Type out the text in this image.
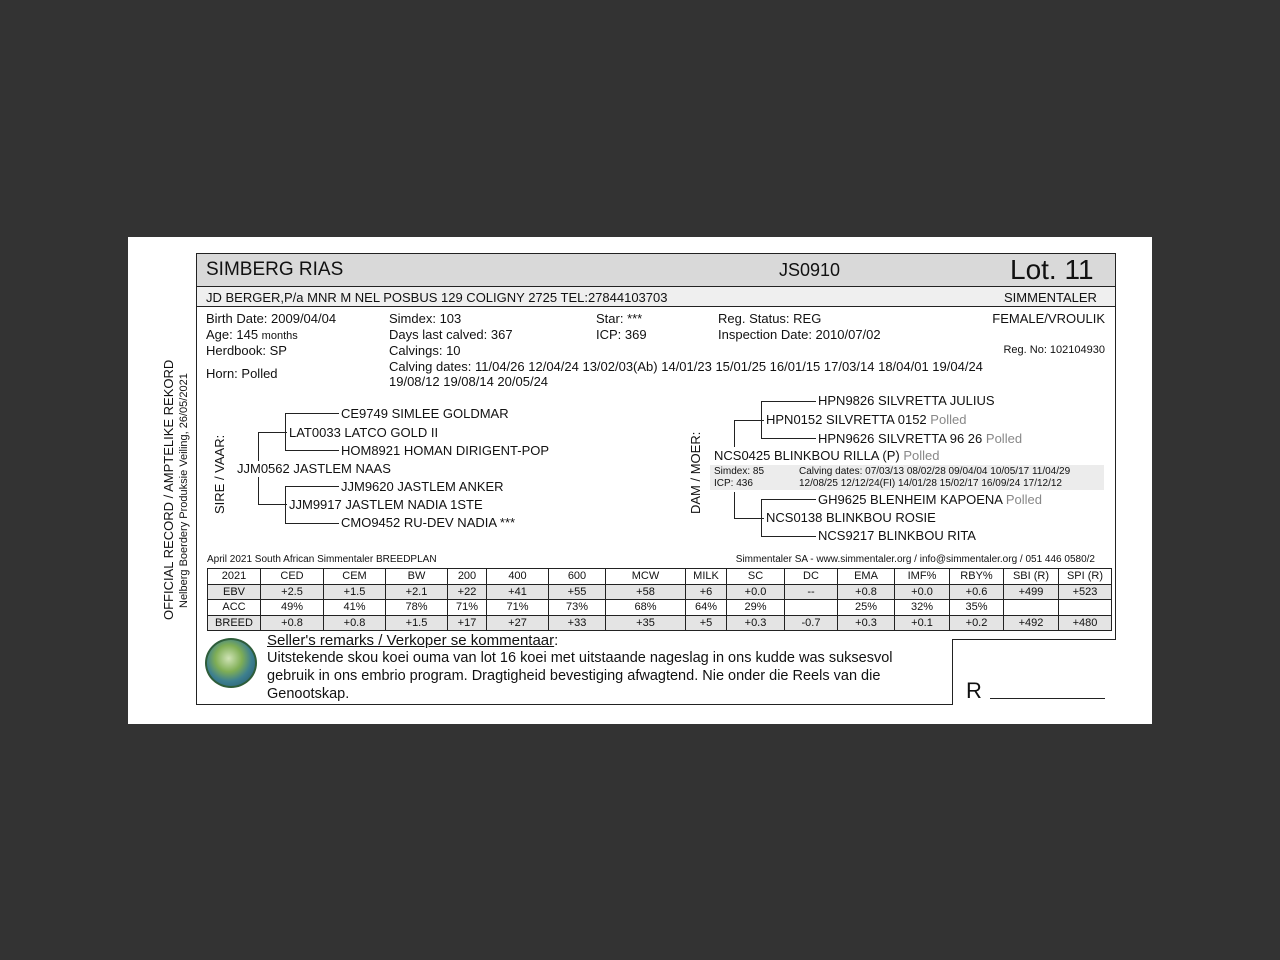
OFFICIAL RECORD / AMPTELIKE REKORD Nelberg Boerdery Produksie Veiling, 26/05/2021
SIMBERG RIAS	JS0910	Lot. 11
JD BERGER,P/a MNR M NEL POSBUS 129 COLIGNY 2725 TEL:27844103703	SIMMENTALER
Birth Date: 2009/04/04
Age: 145 months
Herdbook: SP
Horn: Polled
Simdex: 103
Days last calved: 367
Calvings: 10
Calving dates: 11/04/26 12/04/24 13/02/03(Ab) 14/01/23 15/01/25 16/01/15 17/03/14 18/04/01 19/04/24
19/08/12 19/08/14 20/05/24
Star: ***
ICP: 369
Reg. Status: REG
Inspection Date: 2010/07/02
FEMALE/VROULIK
Reg. No: 102104930
SIRE / VAAR: JJM0562 JASTLEM NAAS
LAT0033 LATCO GOLD II
CE9749 SIMLEE GOLDMAR
HOM8921 HOMAN DIRIGENT-POP
JJM9917 JASTLEM NADIA 1STE
JJM9620 JASTLEM ANKER
CMO9452 RU-DEV NADIA ***
DAM / MOER:
HPN9826 SILVRETTA JULIUS
HPN0152 SILVRETTA 0152 Polled
HPN9626 SILVRETTA 96 26 Polled
NCS0425 BLINKBOU RILLA (P) Polled
Simdex: 85
ICP: 436
Calving dates: 07/03/13 08/02/28 09/04/04 10/05/17 11/04/29
12/08/25 12/12/24(FI) 14/01/28 15/02/17 16/09/24 17/12/12
GH9625 BLENHEIM KAPOENA Polled
NCS0138 BLINKBOU ROSIE
NCS9217 BLINKBOU RITA
April 2021 South African Simmentaler BREEDPLAN	Simmentaler SA - www.simmentaler.org / info@simmentaler.org / 051 446 0580/2
2021	CED	CEM	BW	200	400	600	MCW	MILK	SC	DC	EMA	IMF%	RBY%	SBI (R)	SPI (R)
EBV	+2.5	+1.5	+2.1	+22	+41	+55	+58	+6	+0.0	--	+0.8	+0.0	+0.6	+499	+523
ACC	49%	41%	78%	71%	71%	73%	68%	64%	29%		25%	32%	35%		
BREED	+0.8	+0.8	+1.5	+17	+27	+33	+35	+5	+0.3	-0.7	+0.3	+0.1	+0.2	+492	+480
Seller's remarks / Verkoper se kommentaar:
Uitstekende skou koei ouma van lot 16 koei met uitstaande nageslag in ons kudde was suksesvol
gebruik in ons embrio program. Dragtigheid bevestiging afwagtend. Nie onder die Reels van die
Genootskap.	R
